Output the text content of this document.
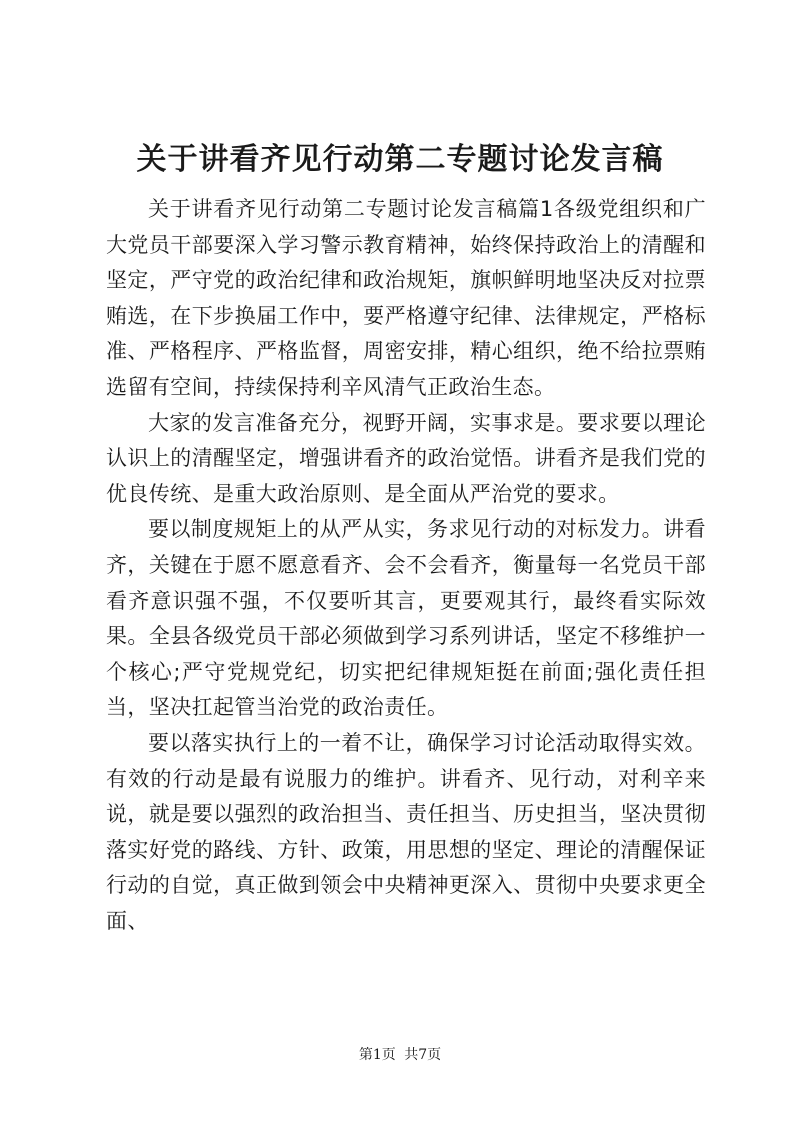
关于讲看齐见行动第二专题讨论发言稿

关于讲看齐见行动第二专题讨论发言稿篇1各级党组织和广大党员干部要深入学习警示教育精神，始终保持政治上的清醒和坚定，严守党的政治纪律和政治规矩，旗帜鲜明地坚决反对拉票贿选，在下步换届工作中，要严格遵守纪律、法律规定，严格标准、严格程序、严格监督，周密安排，精心组织，绝不给拉票贿选留有空间，持续保持利辛风清气正政治生态。

大家的发言准备充分，视野开阔，实事求是。要求要以理论认识上的清醒坚定，增强讲看齐的政治觉悟。讲看齐是我们党的优良传统、是重大政治原则、是全面从严治党的要求。

要以制度规矩上的从严从实，务求见行动的对标发力。讲看齐，关键在于愿不愿意看齐、会不会看齐，衡量每一名党员干部看齐意识强不强，不仅要听其言，更要观其行，最终看实际效果。全县各级党员干部必须做到学习系列讲话，坚定不移维护一个核心;严守党规党纪，切实把纪律规矩挺在前面;强化责任担当，坚决扛起管当治党的政治责任。

要以落实执行上的一着不让，确保学习讨论活动取得实效。有效的行动是最有说服力的维护。讲看齐、见行动，对利辛来说，就是要以强烈的政治担当、责任担当、历史担当，坚决贯彻落实好党的路线、方针、政策，用思想的坚定、理论的清醒保证行动的自觉，真正做到领会中央精神更深入、贯彻中央要求更全面、

第1页 共7页
